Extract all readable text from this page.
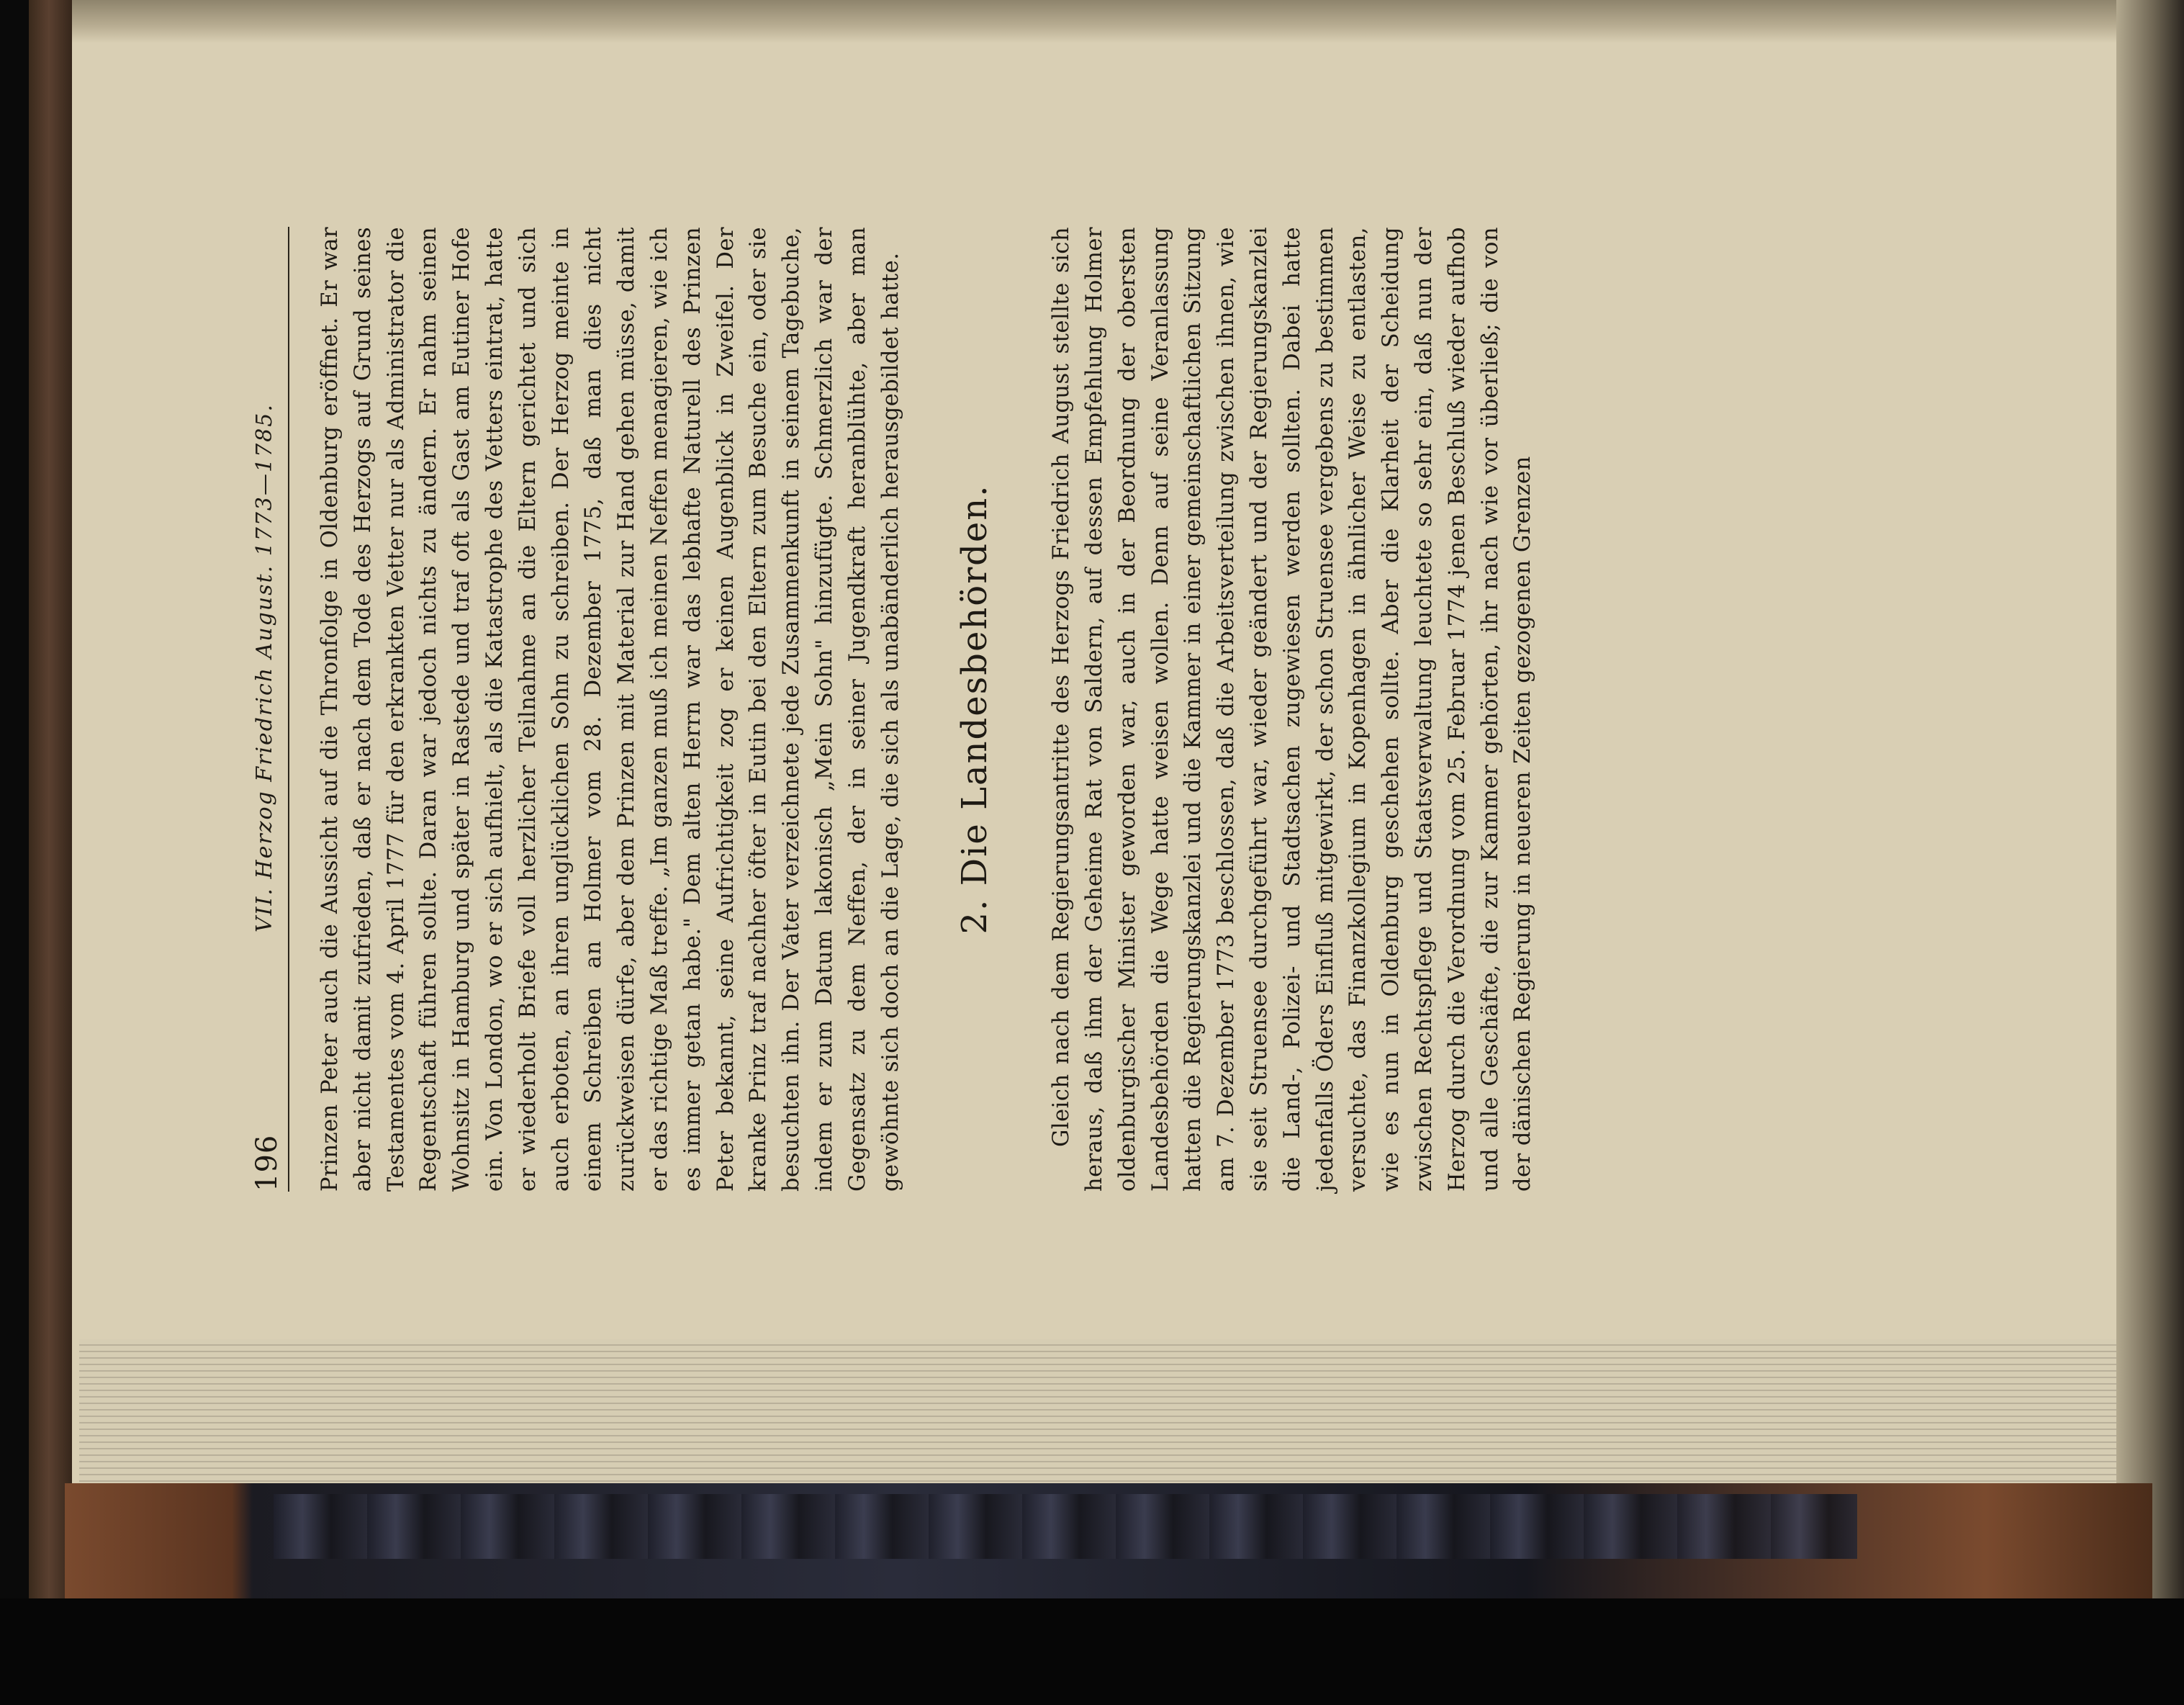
196
VII. Herzog Friedrich August. 1773—1785. Prinzen Peter auch die Aussicht auf die Thronfolge in Oldenburg eröffnet. Er war aber nicht damit zufrieden, daß er nach dem Tode des Herzogs auf Grund seines Testamentes vom 4. April 1777 für den erkrankten Vetter nur als Administrator die Regentschaft führen sollte. Daran war jedoch nichts zu ändern. Er nahm seinen Wohnsitz in Hamburg und später in Rastede und traf oft als Gast am Eutiner Hofe ein. Von London, wo er sich aufhielt, als die Katastrophe des Vetters eintrat, hatte er wiederholt Briefe voll herzlicher Teilnahme an die Eltern gerichtet und sich auch erboten, an ihren unglücklichen Sohn zu schreiben. Der Herzog meinte in einem Schreiben an Holmer vom 28. Dezember 1775, daß man dies nicht zurückweisen dürfe, aber dem Prinzen mit Material zur Hand gehen müsse, damit er das richtige Maß treffe. „Im ganzen muß ich meinen Neffen menagieren, wie ich es immer getan habe." Dem alten Herrn war das lebhafte Naturell des Prinzen Peter bekannt, seine Aufrichtigkeit zog er keinen Augenblick in Zweifel. Der kranke Prinz traf nachher öfter in Eutin bei den Eltern zum Besuche ein, oder sie besuchten ihn. Der Vater verzeichnete jede Zusammenkunft in seinem Tagebuche, indem er zum Datum lakonisch „Mein Sohn" hinzufügte. Schmerzlich war der Gegensatz zu dem Neffen, der in seiner Jugendkraft heranblühte, aber man gewöhnte sich doch an die Lage, die sich als unabänderlich herausgebildet hatte. 2. Die Landesbehörden. Gleich nach dem Regierungsantritte des Herzogs Friedrich August stellte sich heraus, daß ihm der Geheime Rat von Saldern, auf dessen Empfehlung Holmer oldenburgischer Minister geworden war, auch in der Beordnung der obersten Landesbehörden die Wege hatte weisen wollen. Denn auf seine Veranlassung hatten die Regierungskanzlei und die Kammer in einer gemeinschaftlichen Sitzung am 7. Dezember 1773 beschlossen, daß die Arbeitsverteilung zwischen ihnen, wie sie seit Struensee durchgeführt war, wieder geändert und der Regierungskanzlei die Land-, Polizei- und Stadtsachen zugewiesen werden sollten. Dabei hatte jedenfalls Öders Einfluß mitgewirkt, der schon Struensee vergebens zu bestimmen versuchte, das Finanzkollegium in Kopenhagen in ähnlicher Weise zu entlasten, wie es nun in Oldenburg geschehen sollte. Aber die Klarheit der Scheidung zwischen Rechtspflege und Staatsverwaltung leuchtete so sehr ein, daß nun der Herzog durch die Verordnung vom 25. Februar 1774 jenen Beschluß wieder aufhob und alle Geschäfte, die zur Kammer gehörten, ihr nach wie vor überließ; die von der dänischen Regierung in neueren Zeiten gezogenen Grenzen
